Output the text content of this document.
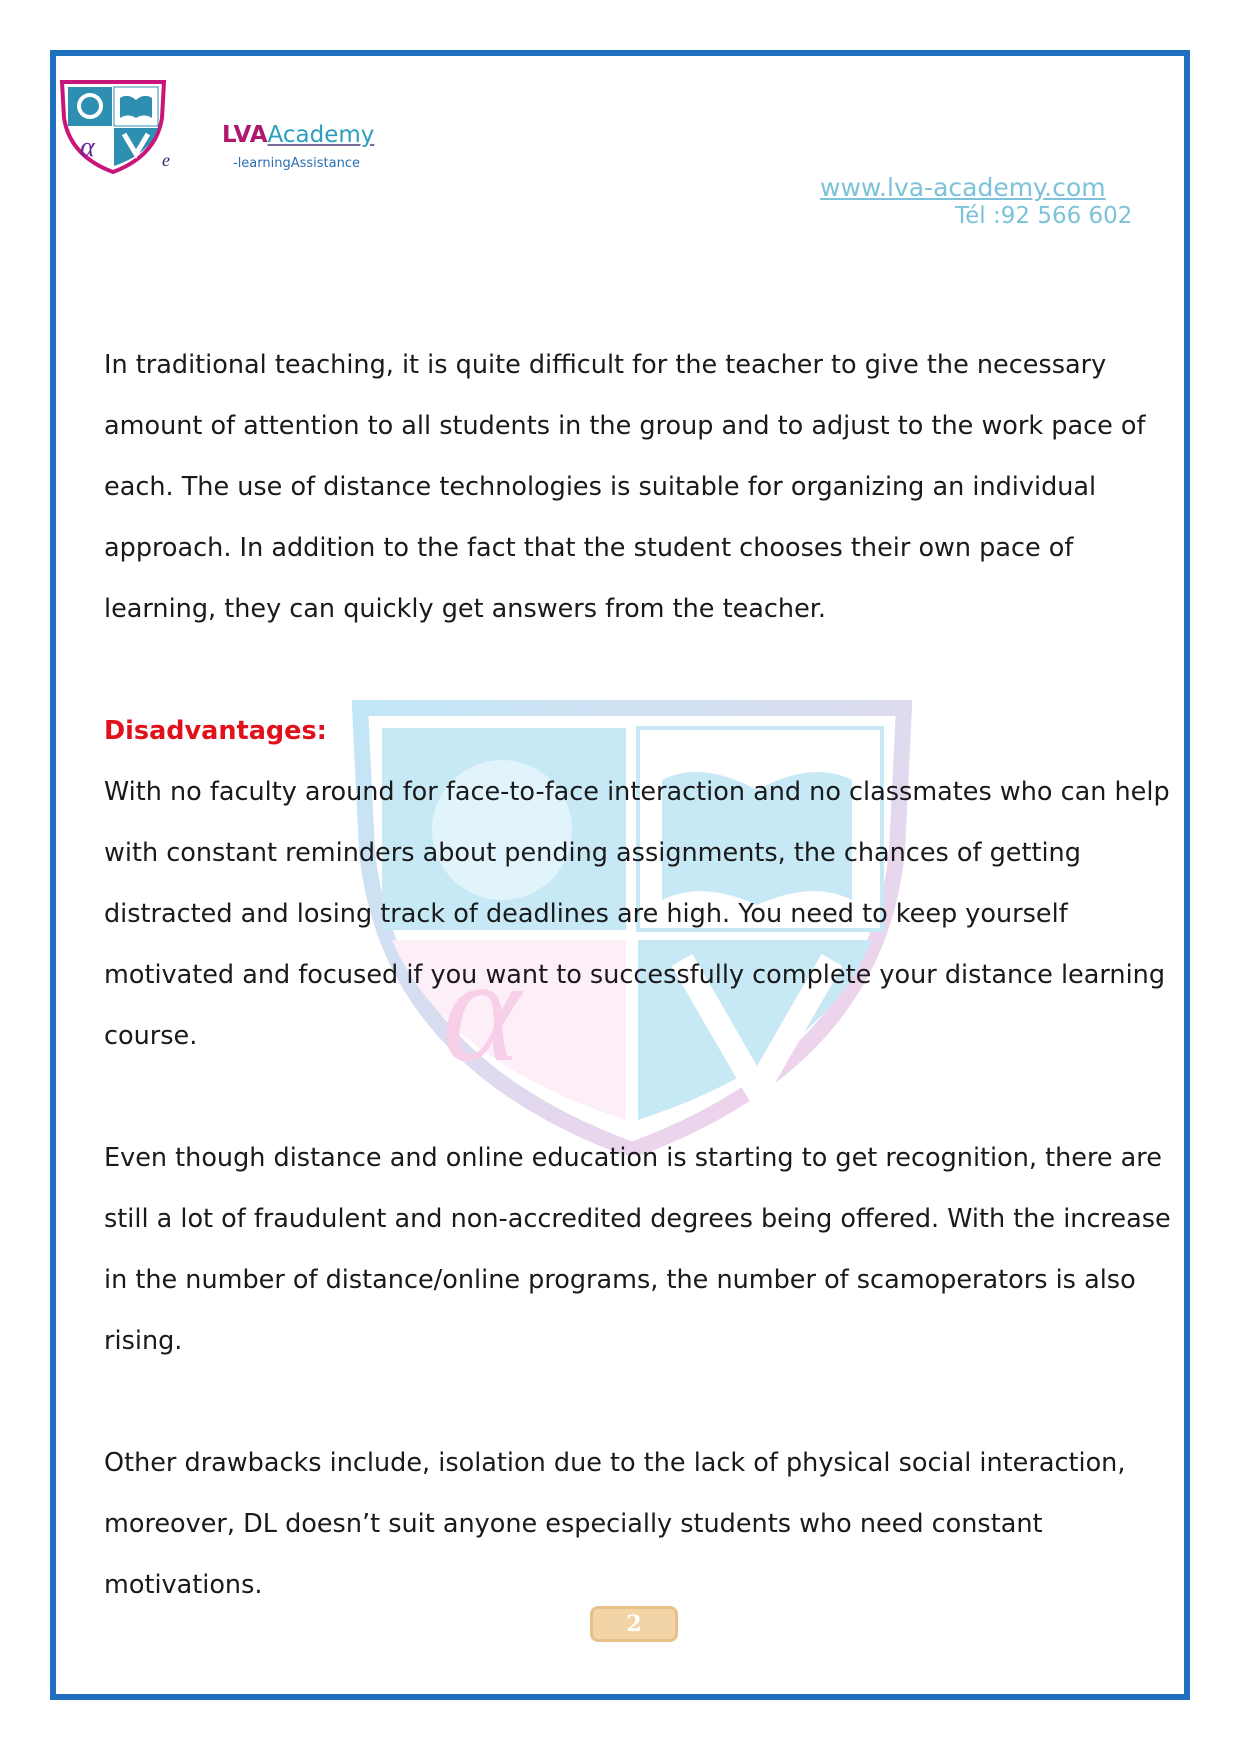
α	e
LVAAcademy
-learningAssistance
www.lva-academy.com
Tél :92 566 602
α

In traditional teaching, it is quite difficult for the teacher to give the necessary amount of attention to all students in the group and to adjust to the work pace of each. The use of distance technologies is suitable for organizing an individual approach. In addition to the fact that the student chooses their own pace of learning, they can quickly get answers from the teacher.

Disadvantages:

With no faculty around for face-to-face interaction and no classmates who can help with constant reminders about pending assignments, the chances of getting distracted and losing track of deadlines are high. You need to keep yourself motivated and focused if you want to successfully complete your distance learning course.

Even though distance and online education is starting to get recognition, there are still a lot of fraudulent and non-accredited degrees being offered. With the increase in the number of distance/online programs, the number of scamoperators is also rising.

Other drawbacks include, isolation due to the lack of physical social interaction, moreover, DL doesn’t suit anyone especially students who need constant motivations.

2
